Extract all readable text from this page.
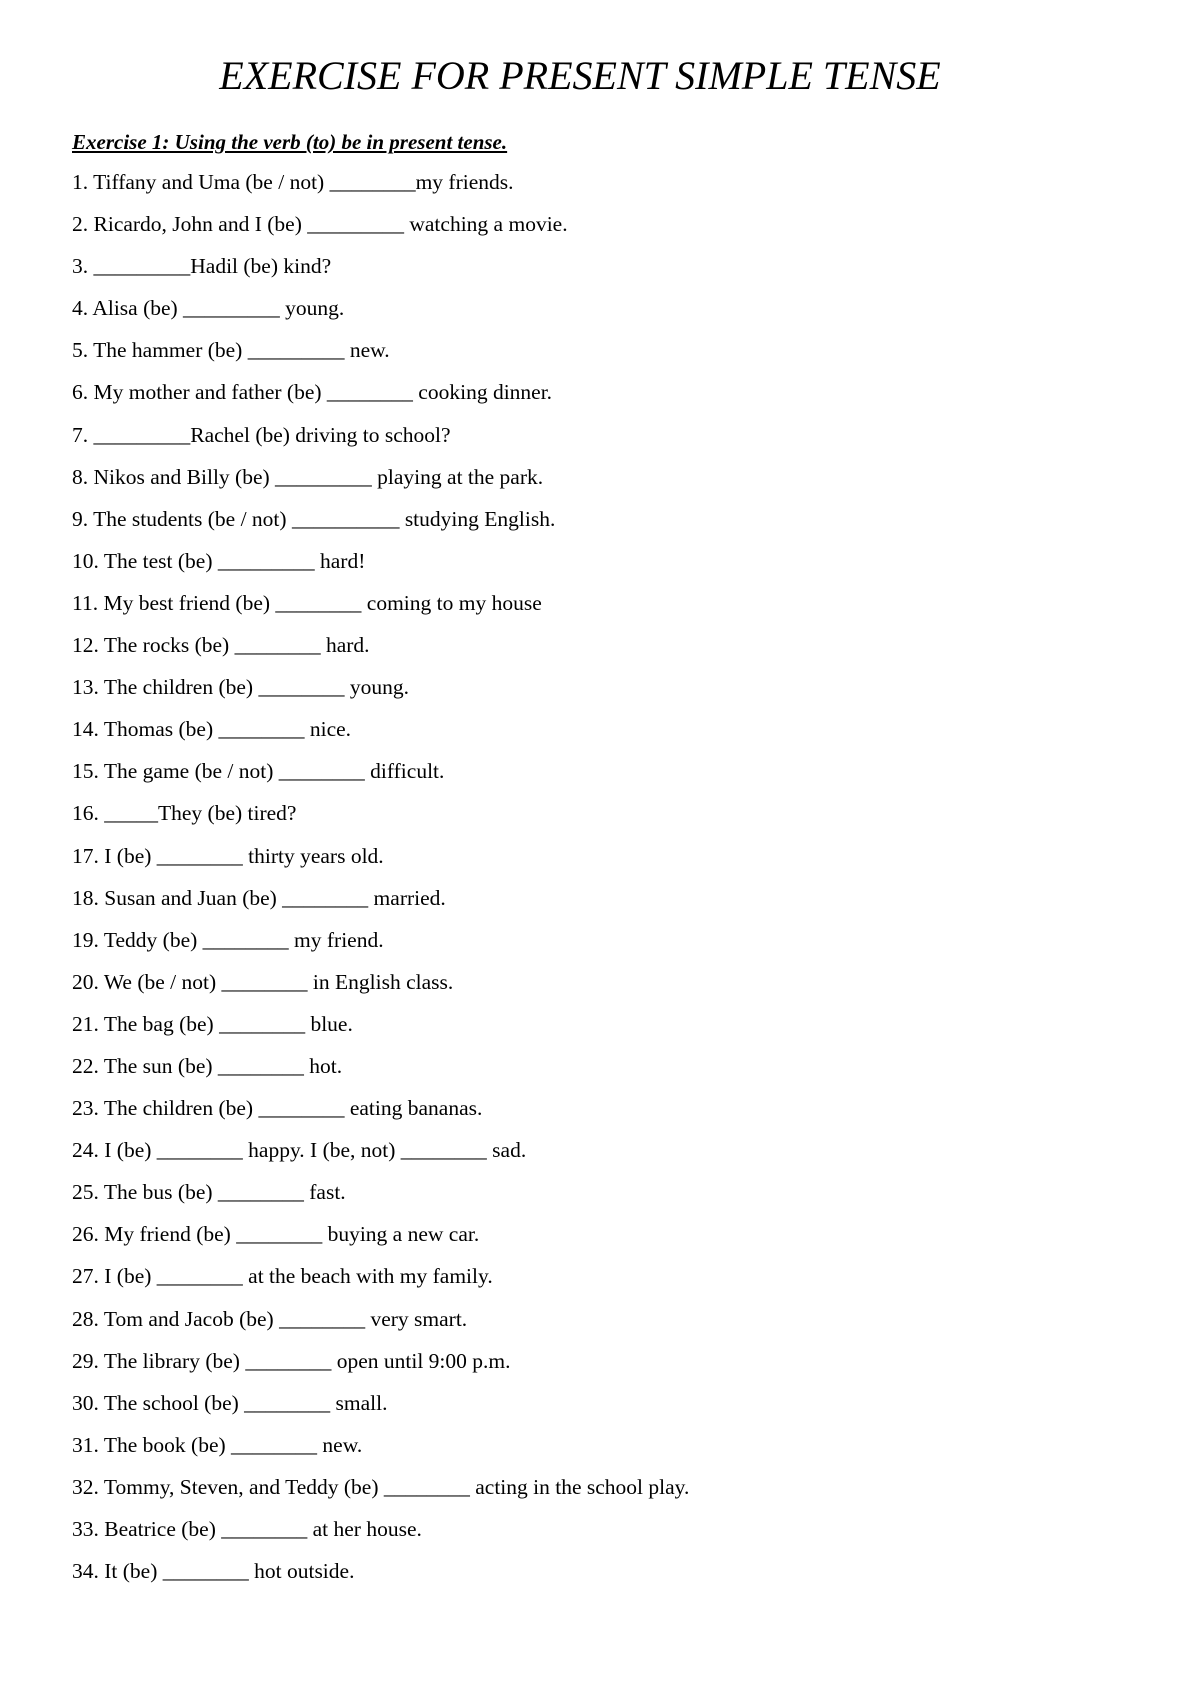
EXERCISE FOR PRESENT SIMPLE TENSE
Exercise 1: Using the verb (to) be in present tense.
1. Tiffany and Uma (be / not) ________my friends.
2. Ricardo, John and I (be) _________ watching a movie.
3. _________Hadil (be) kind?
4. Alisa (be) _________ young.
5. The hammer (be) _________ new.
6. My mother and father (be) ________ cooking dinner.
7. _________Rachel (be) driving to school?
8. Nikos and Billy (be) _________ playing at the park.
9. The students (be / not) __________ studying English.
10. The test (be) _________ hard!
11. My best friend (be) ________ coming to my house
12. The rocks (be) ________ hard.
13. The children (be) ________ young.
14. Thomas (be) ________ nice.
15. The game (be / not) ________ difficult.
16. _____They (be) tired?
17. I (be) ________ thirty years old.
18. Susan and Juan (be) ________ married.
19. Teddy (be) ________ my friend.
20. We (be / not) ________ in English class.
21. The bag (be) ________ blue.
22. The sun (be) ________ hot.
23. The children (be) ________ eating bananas.
24. I (be) ________ happy. I (be, not) ________ sad.
25. The bus (be) ________ fast.
26. My friend (be) ________ buying a new car.
27. I (be) ________ at the beach with my family.
28. Tom and Jacob (be) ________ very smart.
29. The library (be) ________ open until 9:00 p.m.
30. The school (be) ________ small.
31. The book (be) ________ new.
32. Tommy, Steven, and Teddy (be) ________ acting in the school play.
33. Beatrice (be) ________ at her house.
34. It (be) ________ hot outside.
